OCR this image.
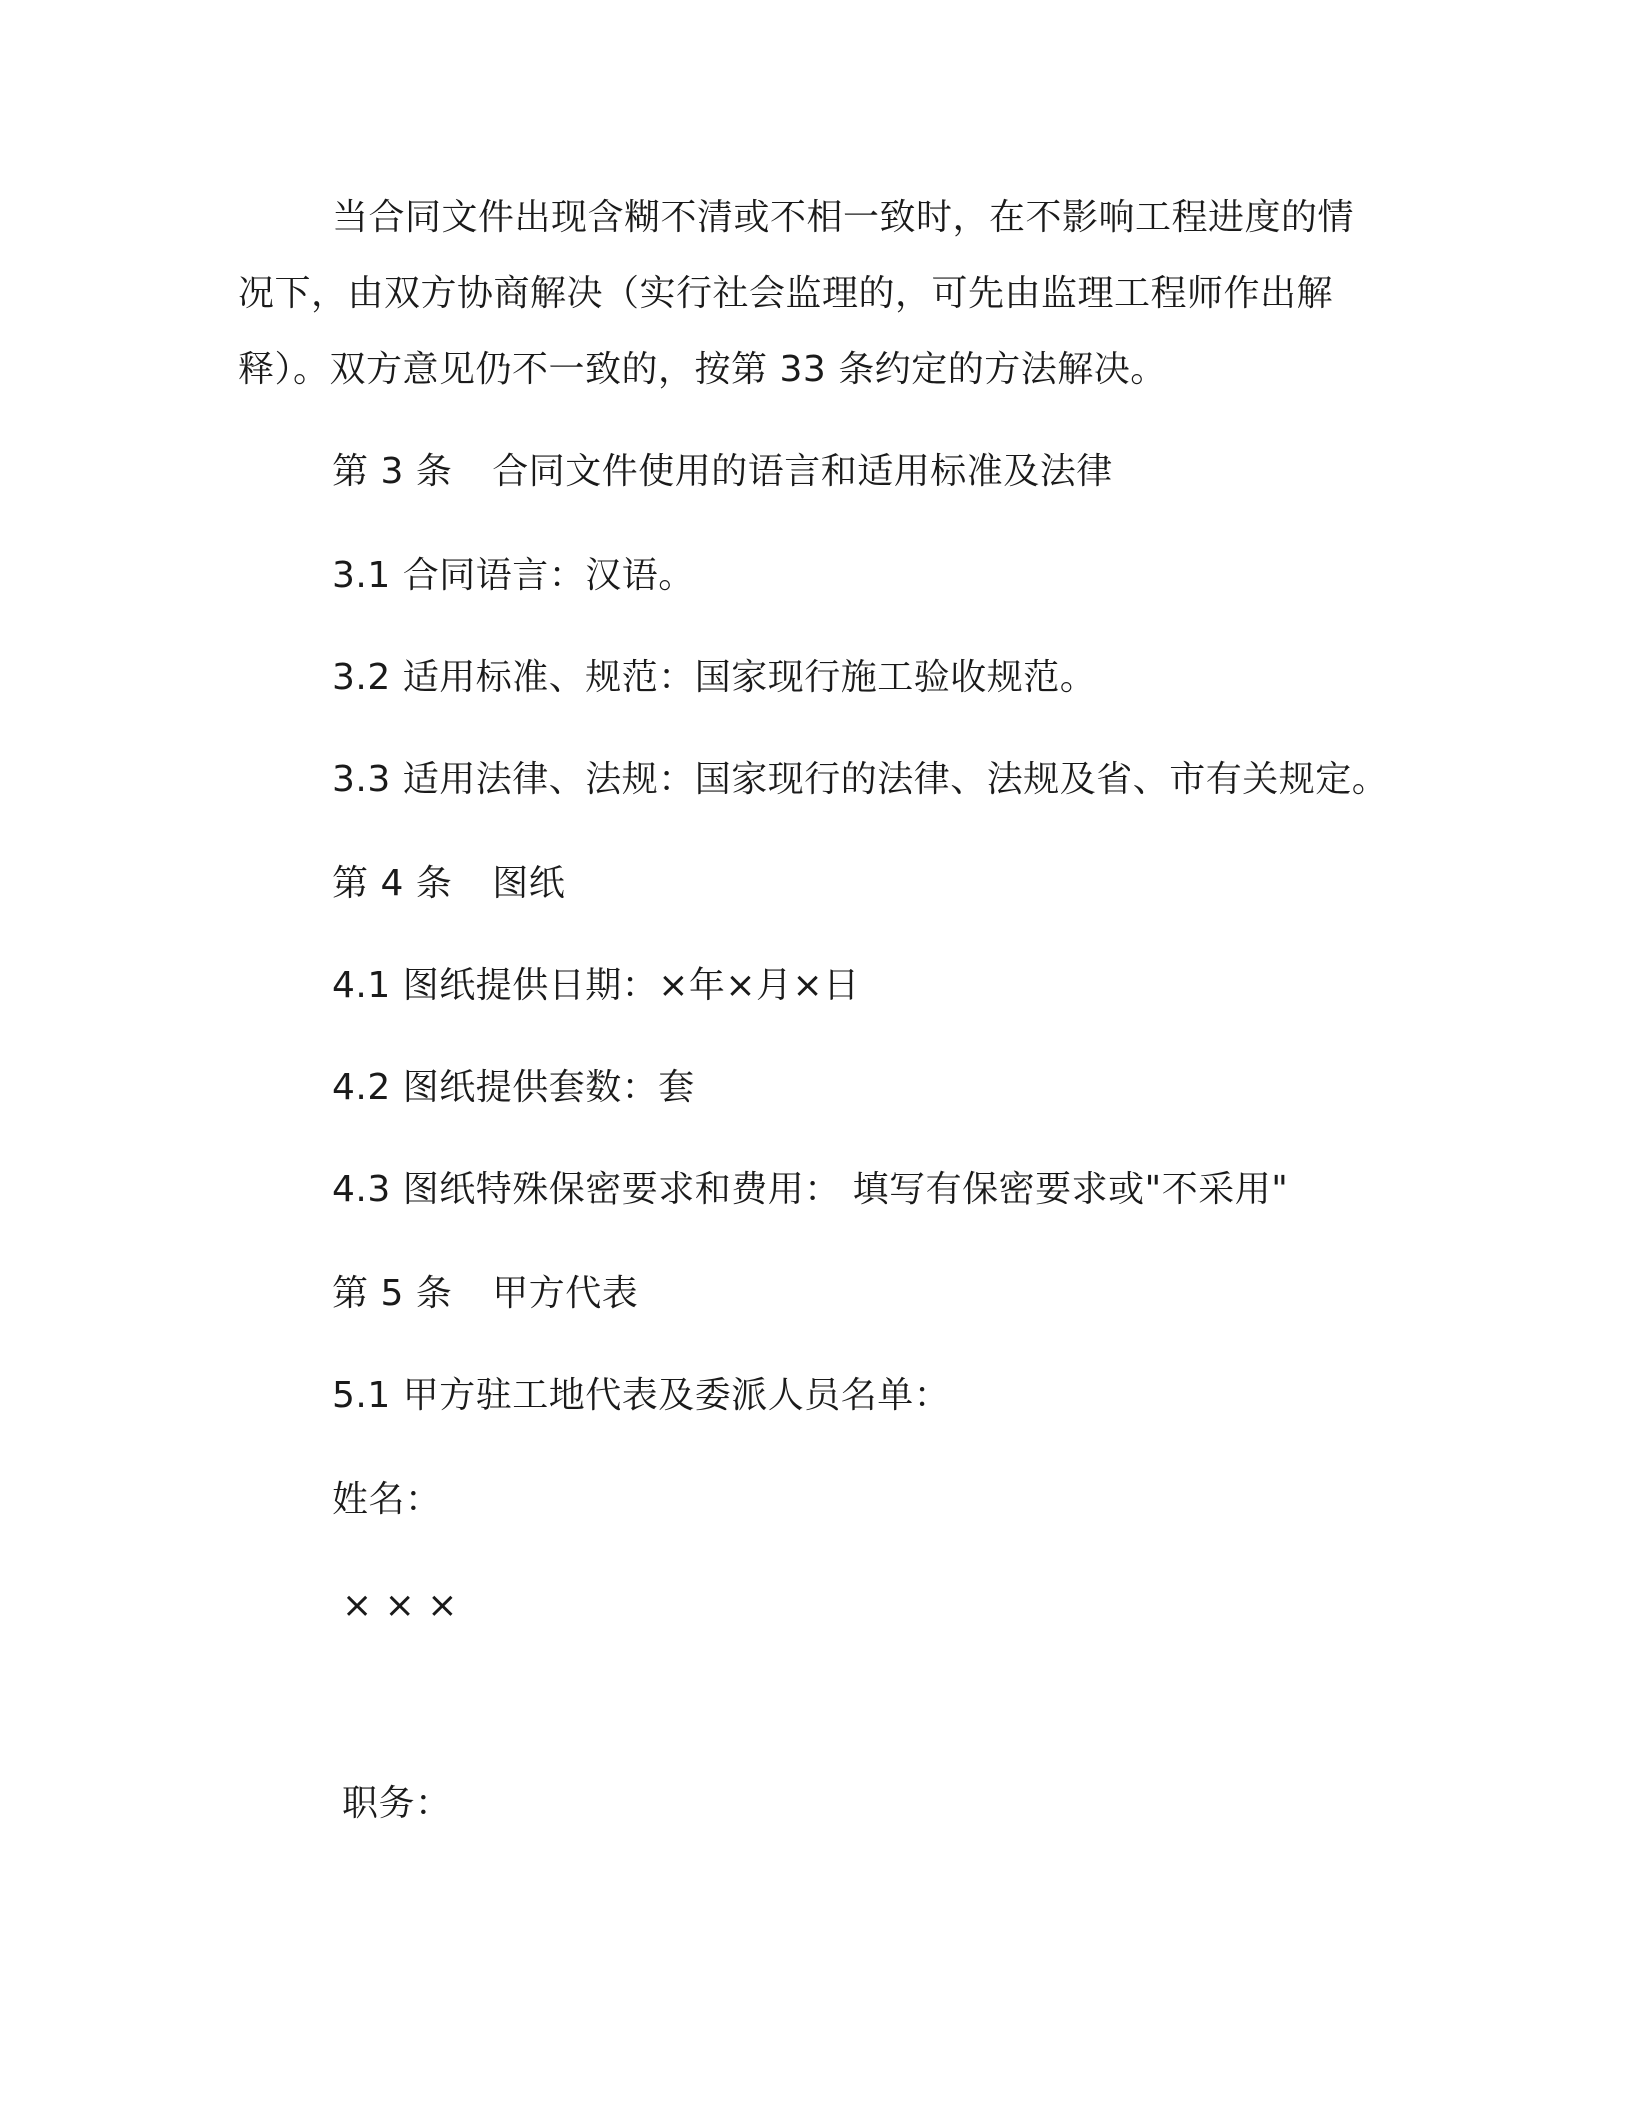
当合同文件出现含糊不清或不相一致时，在不影响工程进度的情
况下，由双方协商解决（实行社会监理的，可先由监理工程师作出解
释）。双方意见仍不一致的，按第 33 条约定的方法解决。
第 3 条 合同文件使用的语言和适用标准及法律
3.1 合同语言：汉语。
3.2 适用标准、规范：国家现行施工验收规范。
3.3 适用法律、法规：国家现行的法律、法规及省、市有关规定。
第 4 条 图纸
4.1 图纸提供日期：×年×月×日
4.2 图纸提供套数：套
4.3 图纸特殊保密要求和费用： 填写有保密要求或"不采用"
第 5 条 甲方代表
5.1 甲方驻工地代表及委派人员名单：
姓名：
× × ×
职务：
